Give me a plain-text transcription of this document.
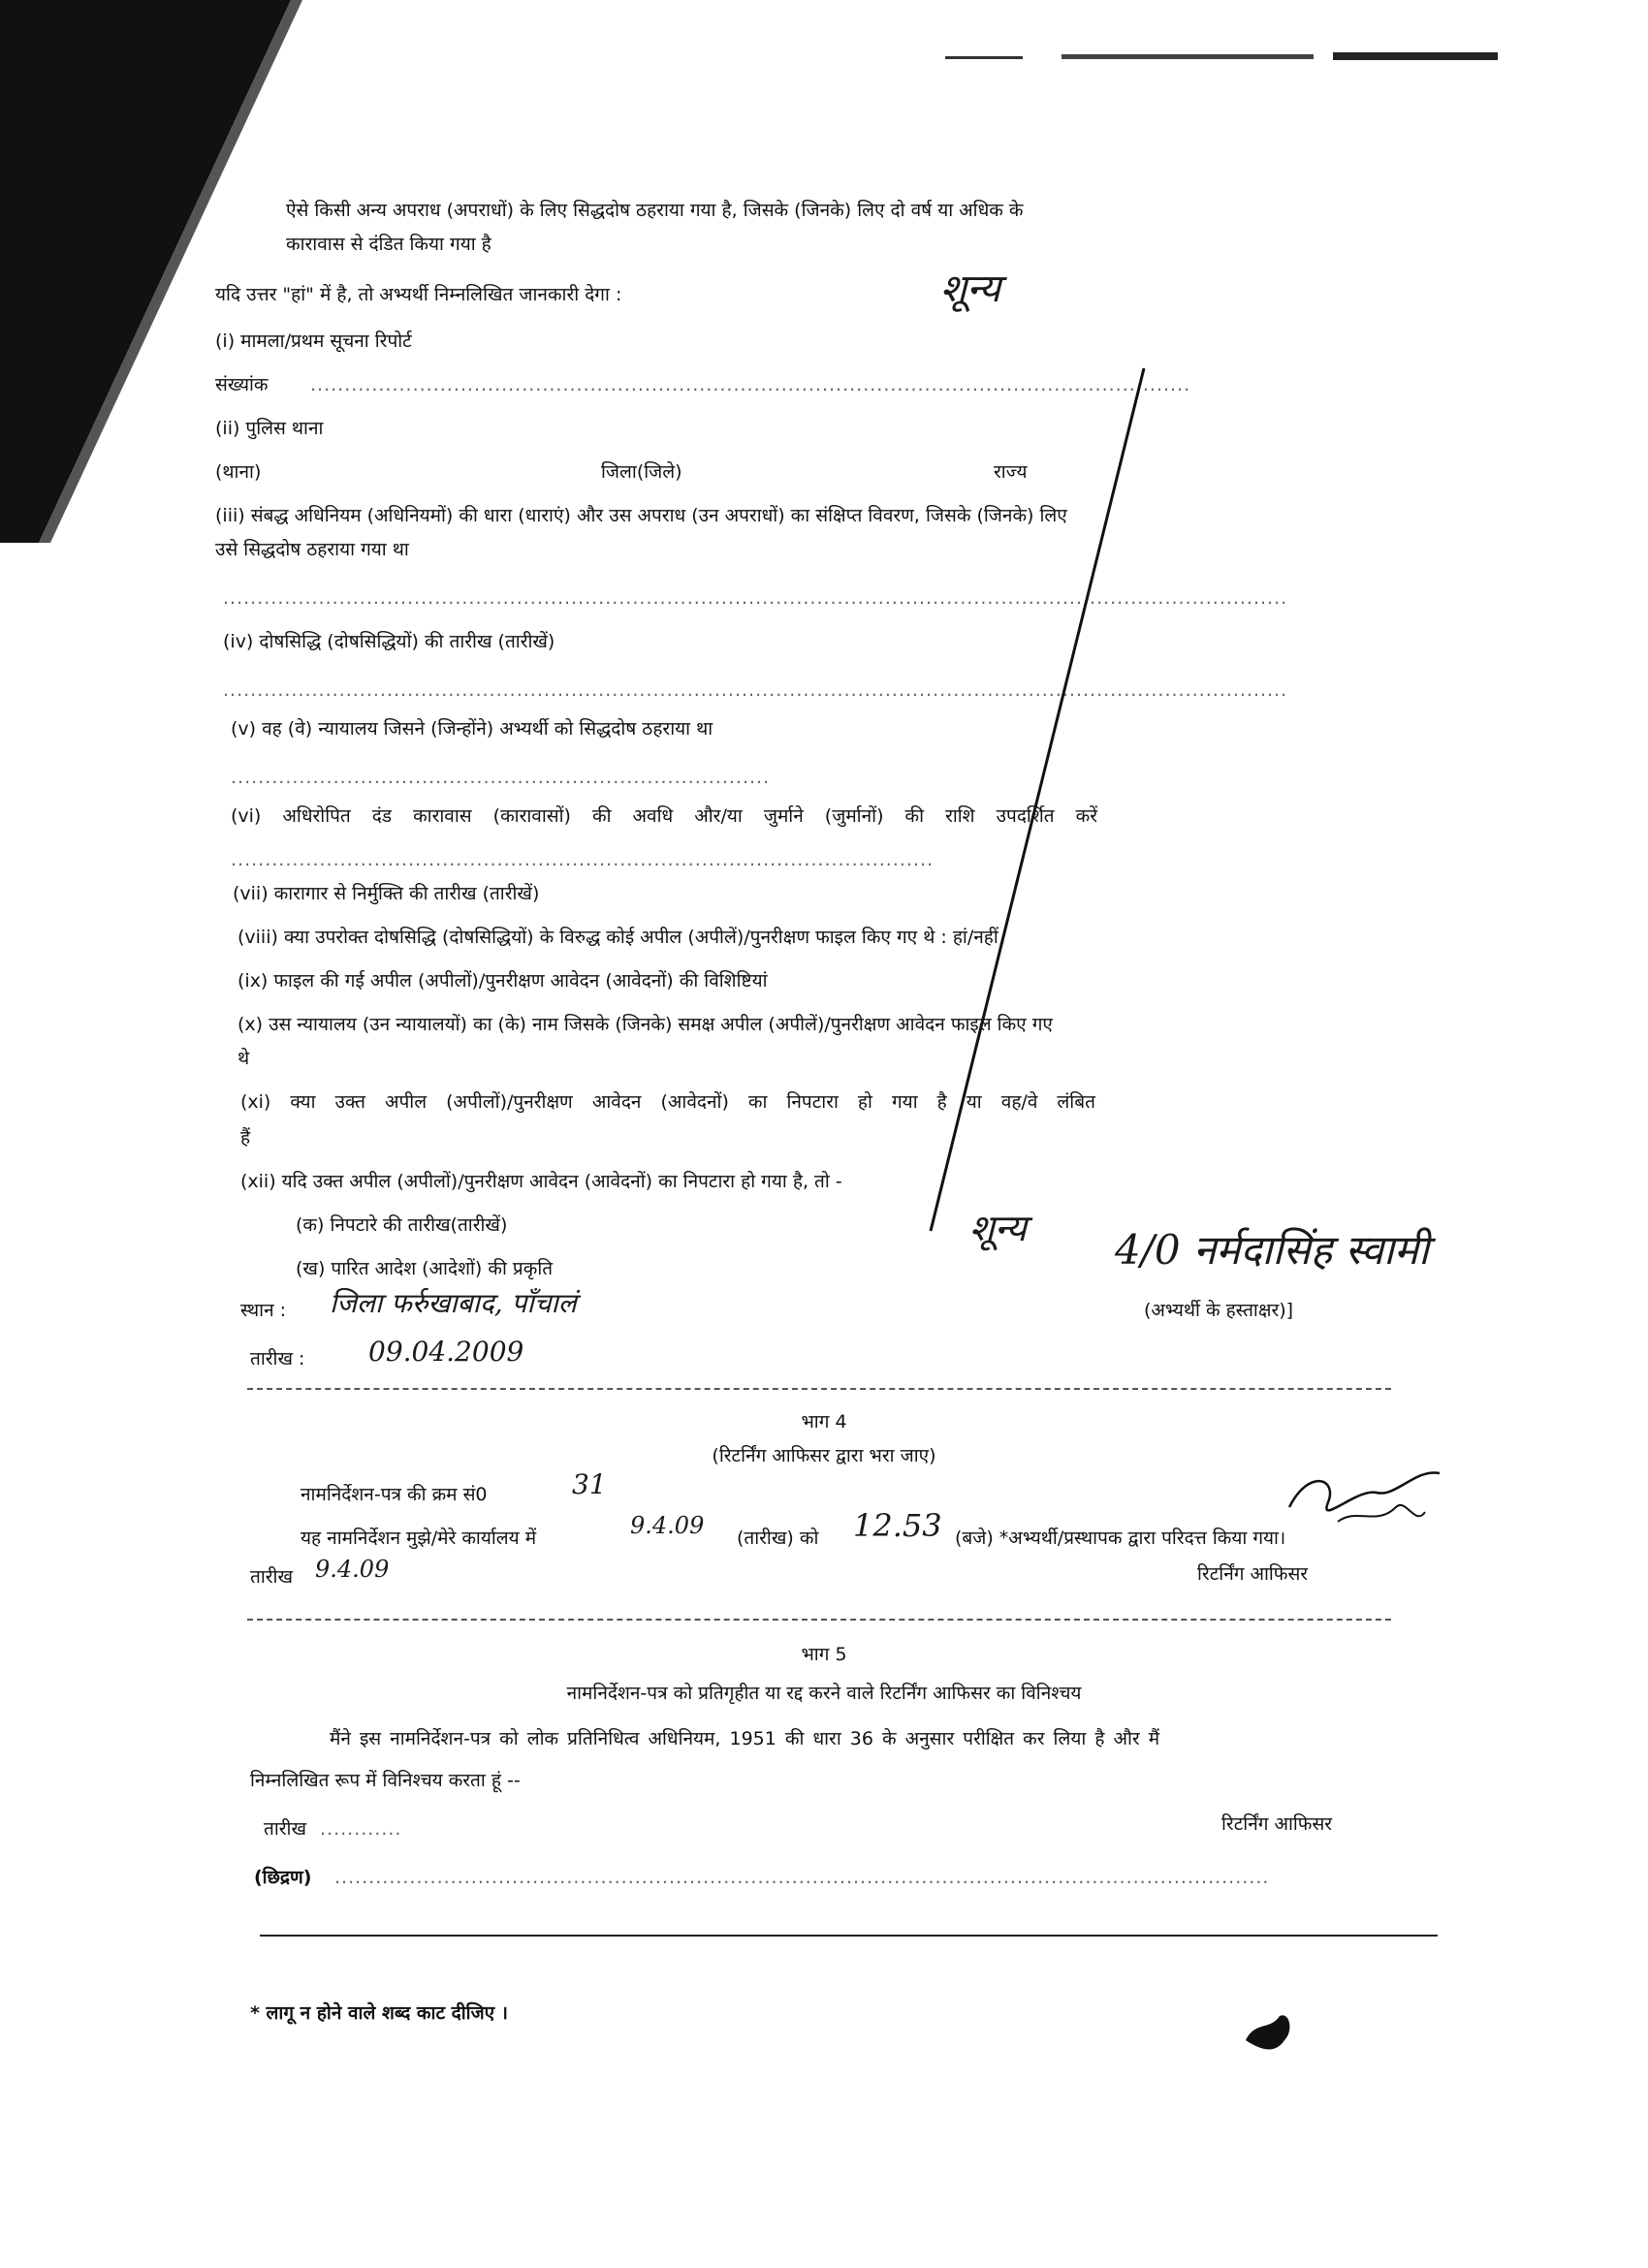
ऐसे किसी अन्य अपराध (अपराधों) के लिए सिद्धदोष ठहराया गया है, जिसके (जिनके) लिए दो वर्ष या अधिक के
कारावास से दंडित किया गया है
शून्य
यदि उत्तर "हां" में है, तो अभ्यर्थी निम्नलिखित जानकारी देगा :
(i) मामला/प्रथम सूचना रिपोर्ट
संख्यांक .................................................................................................................................
(ii) पुलिस थाना
(थाना)	जिला(जिले)	राज्य
(iii) संबद्ध अधिनियम (अधिनियमों) की धारा (धाराएं) और उस अपराध (उन अपराधों) का संक्षिप्त विवरण, जिसके (जिनके) लिए
उसे सिद्धदोष ठहराया गया था
............................................................................................................................................................
(iv) दोषसिद्धि (दोषसिद्धियों) की तारीख (तारीखें)
............................................................................................................................................................
(v) वह (वे) न्यायालय जिसने (जिन्होंने) अभ्यर्थी को सिद्धदोष ठहराया था
...............................................................................
(vi) अधिरोपित दंड कारावास (कारावासों) की अवधि और/या जुर्माने (जुर्मानों) की राशि उपदर्शित करें
.......................................................................................................
(vii) कारागार से निर्मुक्ति की तारीख (तारीखें)
(viii) क्या उपरोक्त दोषसिद्धि (दोषसिद्धियों) के विरुद्ध कोई अपील (अपीलें)/पुनरीक्षण फाइल किए गए थे : हां/नहीं
(ix) फाइल की गई अपील (अपीलों)/पुनरीक्षण आवेदन (आवेदनों) की विशिष्टियां
(x) उस न्यायालय (उन न्यायालयों) का (के) नाम जिसके (जिनके) समक्ष अपील (अपीलें)/पुनरीक्षण आवेदन फाइल किए गए
थे
(xi) क्या उक्त अपील (अपीलों)/पुनरीक्षण आवेदन (आवेदनों) का निपटारा हो गया है या वह/वे लंबित
हैं
(xii) यदि उक्त अपील (अपीलों)/पुनरीक्षण आवेदन (आवेदनों) का निपटारा हो गया है, तो -
(क) निपटारे की तारीख(तारीखें)
(ख) पारित आदेश (आदेशों) की प्रकृति
शून्य
स्थान : जिला फर्रुखाबाद, पाँचालं
तारीख : 09.04.2009
4/0 नर्मदासिंह स्वामी
(अभ्यर्थी के हस्ताक्षर)]
भाग 4
(रिटर्निंग आफिसर द्वारा भरा जाए)
नामनिर्देशन-पत्र की क्रम सं0	31
यह नामनिर्देशन मुझे/मेरे कार्यालय में	9.4.09 (तारीख) को 12.53 (बजे) *अभ्यर्थी/प्रस्थापक द्वारा परिदत्त किया गया।
तारीख 9.4.09	रिटर्निंग आफिसर
भाग 5
नामनिर्देशन-पत्र को प्रतिगृहीत या रद्द करने वाले रिटर्निंग आफिसर का विनिश्चय
मैंने इस नामनिर्देशन-पत्र को लोक प्रतिनिधित्व अधिनियम, 1951 की धारा 36 के अनुसार परीक्षित कर लिया है और मैं
निम्नलिखित रूप में विनिश्चय करता हूं --
रिटर्निंग आफिसर
तारीख ............
(छिद्रण) .........................................................................................................................................
* लागू न होने वाले शब्द काट दीजिए ।
